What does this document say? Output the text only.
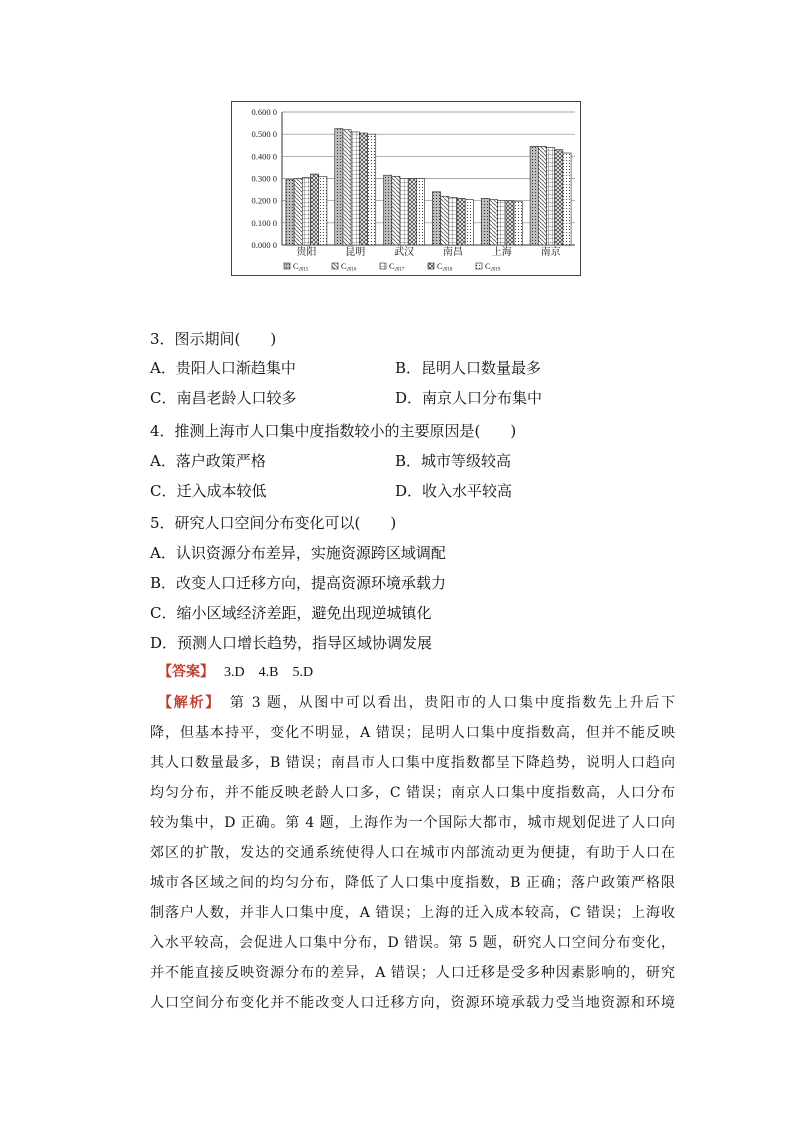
0.000 0
0.100 0
0.200 0
0.300 0
0.400 0
0.500 0
0.600 0
贵阳	昆明	武汉	南昌	上海	南京
C2015	C2016	C2017	C2018	C2019
3．图示期间(　　)
A．贵阳人口渐趋集中	B．昆明人口数量最多
C．南昌老龄人口较多	D．南京人口分布集中
4．推测上海市人口集中度指数较小的主要原因是(　　)
A．落户政策严格	B．城市等级较高
C．迁入成本较低	D．收入水平较高
5．研究人口空间分布变化可以(　　)
A．认识资源分布差异，实施资源跨区域调配
B．改变人口迁移方向，提高资源环境承载力
C．缩小区域经济差距，避免出现逆城镇化
D．预测人口增长趋势，指导区域协调发展
【答案】 3.D　4.B　5.D
【解析】　 第 3 题，从图中可以看出，贵阳市的人口集中度指数先上升后下
降，但基本持平，变化不明显，A 错误；昆明人口集中度指数高，但并不能反映
其人口数量最多，B 错误；南昌市人口集中度指数都呈下降趋势，说明人口趋向
均匀分布，并不能反映老龄人口多，C 错误；南京人口集中度指数高，人口分布
较为集中，D 正确。第 4 题，上海作为一个国际大都市，城市规划促进了人口向
郊区的扩散，发达的交通系统使得人口在城市内部流动更为便捷，有助于人口在
城市各区域之间的均匀分布，降低了人口集中度指数，B 正确；落户政策严格限
制落户人数，并非人口集中度，A 错误；上海的迁入成本较高，C 错误；上海收
入水平较高，会促进人口集中分布，D 错误。第 5 题，研究人口空间分布变化，
并不能直接反映资源分布的差异，A 错误；人口迁移是受多种因素影响的，研究
人口空间分布变化并不能改变人口迁移方向，资源环境承载力受当地资源和环境
